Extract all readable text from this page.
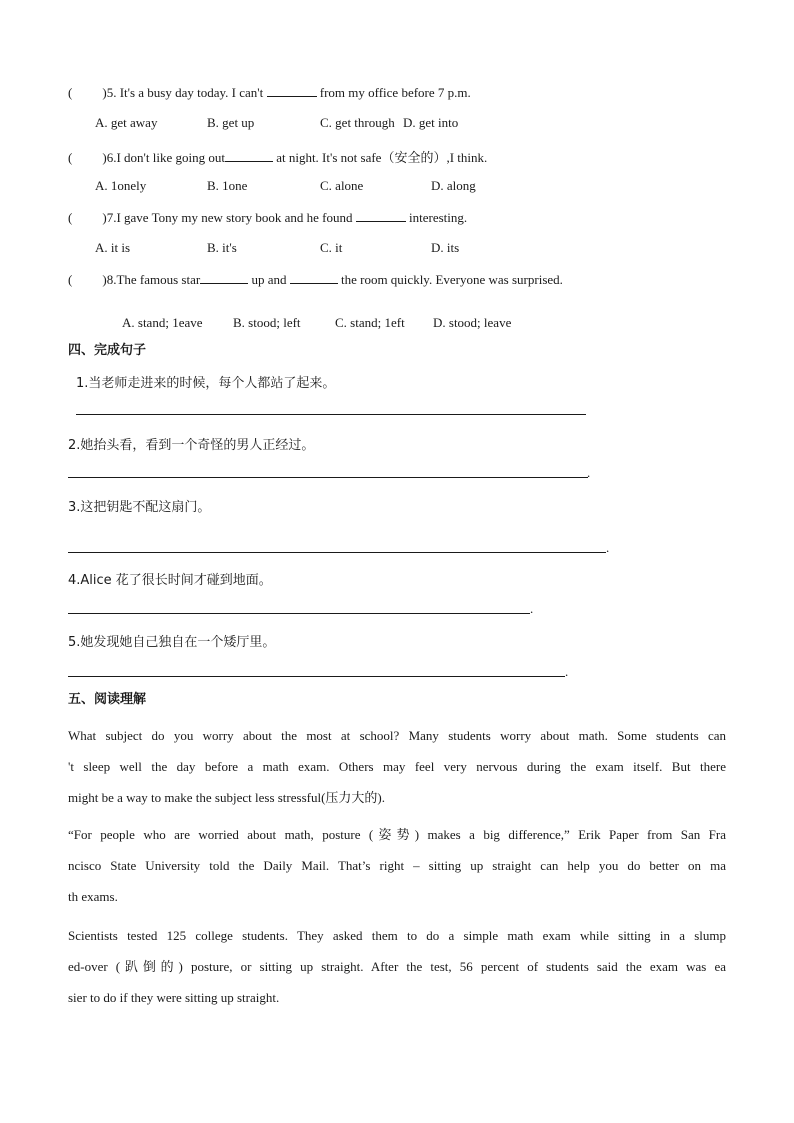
( )5. It's a busy day today. I can't	from my office before 7 p.m.
A. get away	B. get up	C. get through D. get into
( )6.I don't like going out	at night. It's not safe（安全的）,I think.
A. 1onely	B. 1one	C. alone	D. along
( )7.I gave Tony my new story book and he found	interesting.
A. it is	B. it's	C. it	D. its
( )8.The famous star	up and	the room quickly. Everyone was surprised.
A. stand; 1eave B. stood; left	C. stand; 1eft D. stood; leave
四、完成句子
1.当老师走进来的时候，每个人都站了起来。
2.她抬头看，看到一个奇怪的男人正经过。
.
3.这把钥匙不配这扇门。
.
4.Alice 花了很长时间才碰到地面。
.
5.她发现她自己独自在一个矮厅里。
.
五、阅读理解
What subject do you worry about the most at school? Many students worry about math. Some students can
't sleep well the day before a math exam. Others may feel very nervous during the exam itself. But there
might be a way to make the subject less stressful(压力大的).
“For people who are worried about math, posture (姿势) makes a big difference,” Erik Paper from San Fra
ncisco State University told the Daily Mail. That’s right – sitting up straight can help you do better on ma
th exams.
Scientists tested 125 college students. They asked them to do a simple math exam while sitting in a slump
ed-over (趴倒的) posture, or sitting up straight. After the test, 56 percent of students said the exam was ea
sier to do if they were sitting up straight.
